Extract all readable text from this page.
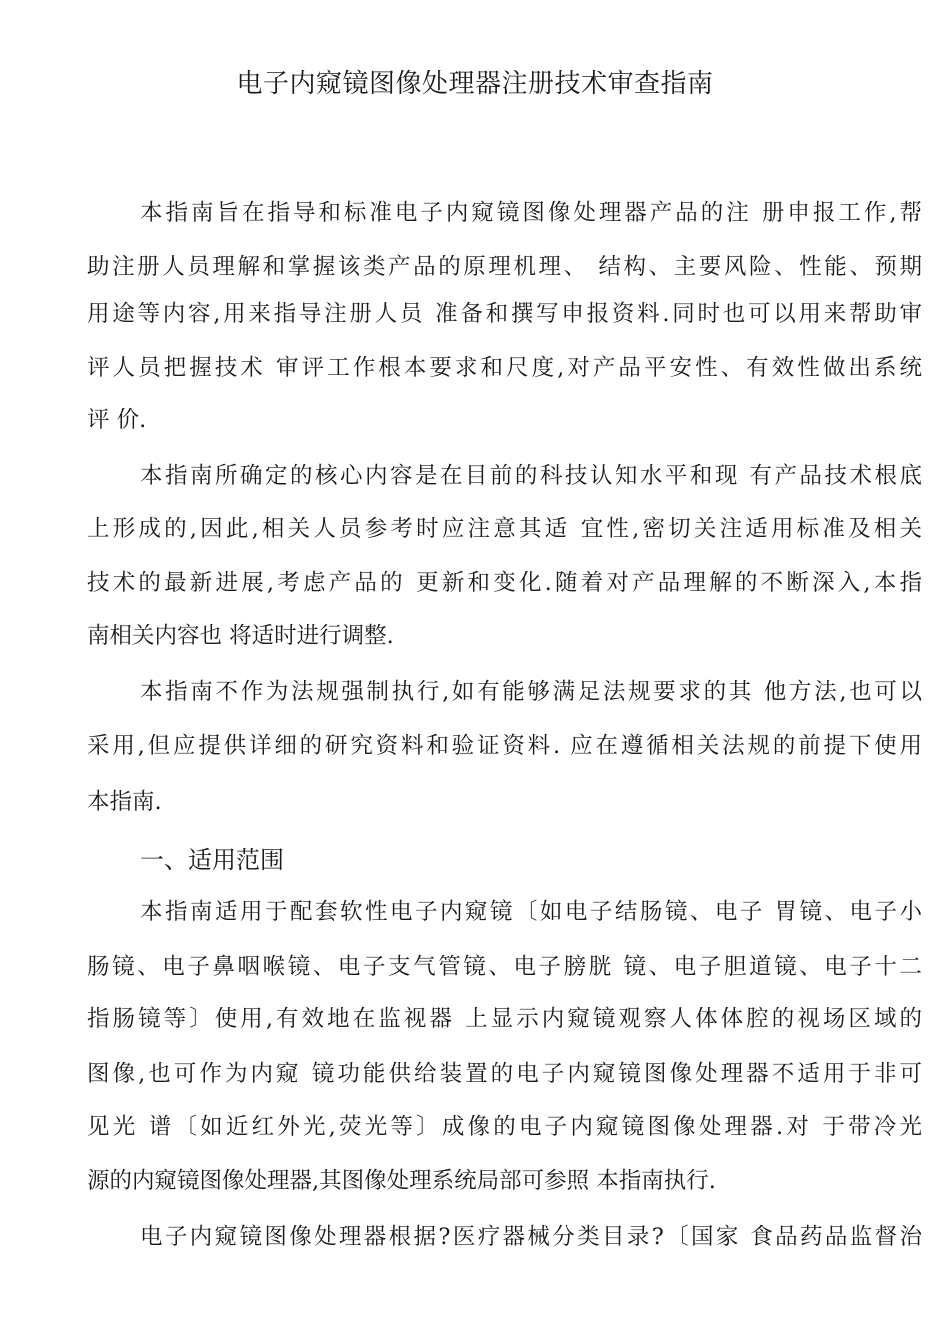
电子内窥镜图像处理器注册技术审查指南

本指南旨在指导和标准电子内窥镜图像处理器产品的注 册申报工作,帮

助注册人员理解和掌握该类产品的原理机理、 结构、主要风险、性能、预期

用途等内容,用来指导注册人员 准备和撰写申报资料.同时也可以用来帮助审

评人员把握技术 审评工作根本要求和尺度,对产品平安性、有效性做出系统

评 价.

本指南所确定的核心内容是在目前的科技认知水平和现 有产品技术根底

上形成的,因此,相关人员参考时应注意其适 宜性,密切关注适用标准及相关

技术的最新进展,考虑产品的 更新和变化.随着对产品理解的不断深入,本指

南相关内容也 将适时进行调整.

本指南不作为法规强制执行,如有能够满足法规要求的其 他方法,也可以

采用,但应提供详细的研究资料和验证资料. 应在遵循相关法规的前提下使用

本指南.

一、适用范围

本指南适用于配套软性电子内窥镜〔如电子结肠镜、电子 胃镜、电子小

肠镜、电子鼻咽喉镜、电子支气管镜、电子膀胱 镜、电子胆道镜、电子十二

指肠镜等〕使用,有效地在监视器 上显示内窥镜观察人体体腔的视场区域的

图像,也可作为内窥 镜功能供给装置的电子内窥镜图像处理器不适用于非可

见光 谱〔如近红外光,荧光等〕成像的电子内窥镜图像处理器.对 于带冷光

源的内窥镜图像处理器,其图像处理系统局部可参照 本指南执行.

电子内窥镜图像处理器根据?医疗器械分类目录?〔国家 食品药品监督治
